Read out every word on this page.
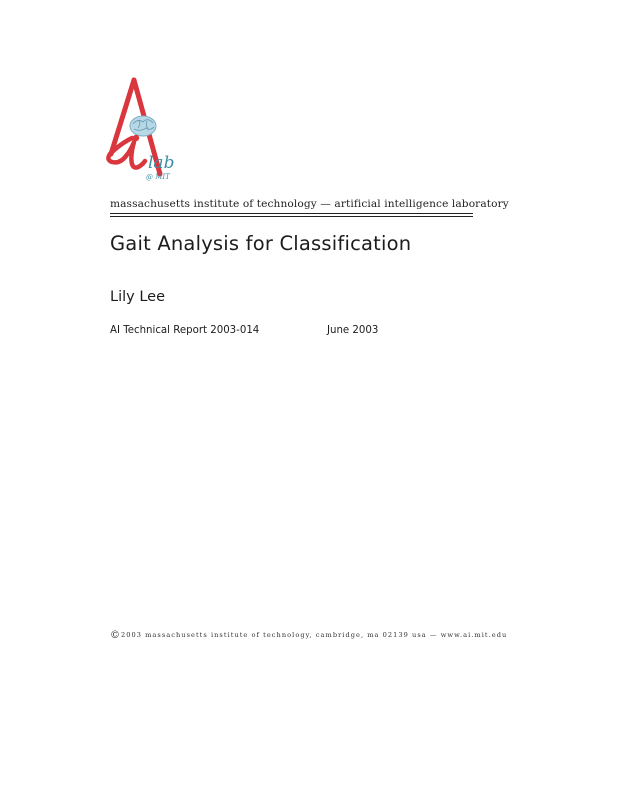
lab
@ MIT
massachusetts institute of technology — artificial intelligence laboratory
Gait Analysis for Classification
Lily Lee
AI Technical Report 2003-014	June 2003
©2003 massachusetts institute of technology, cambridge, ma 02139 usa — www.ai.mit.edu
